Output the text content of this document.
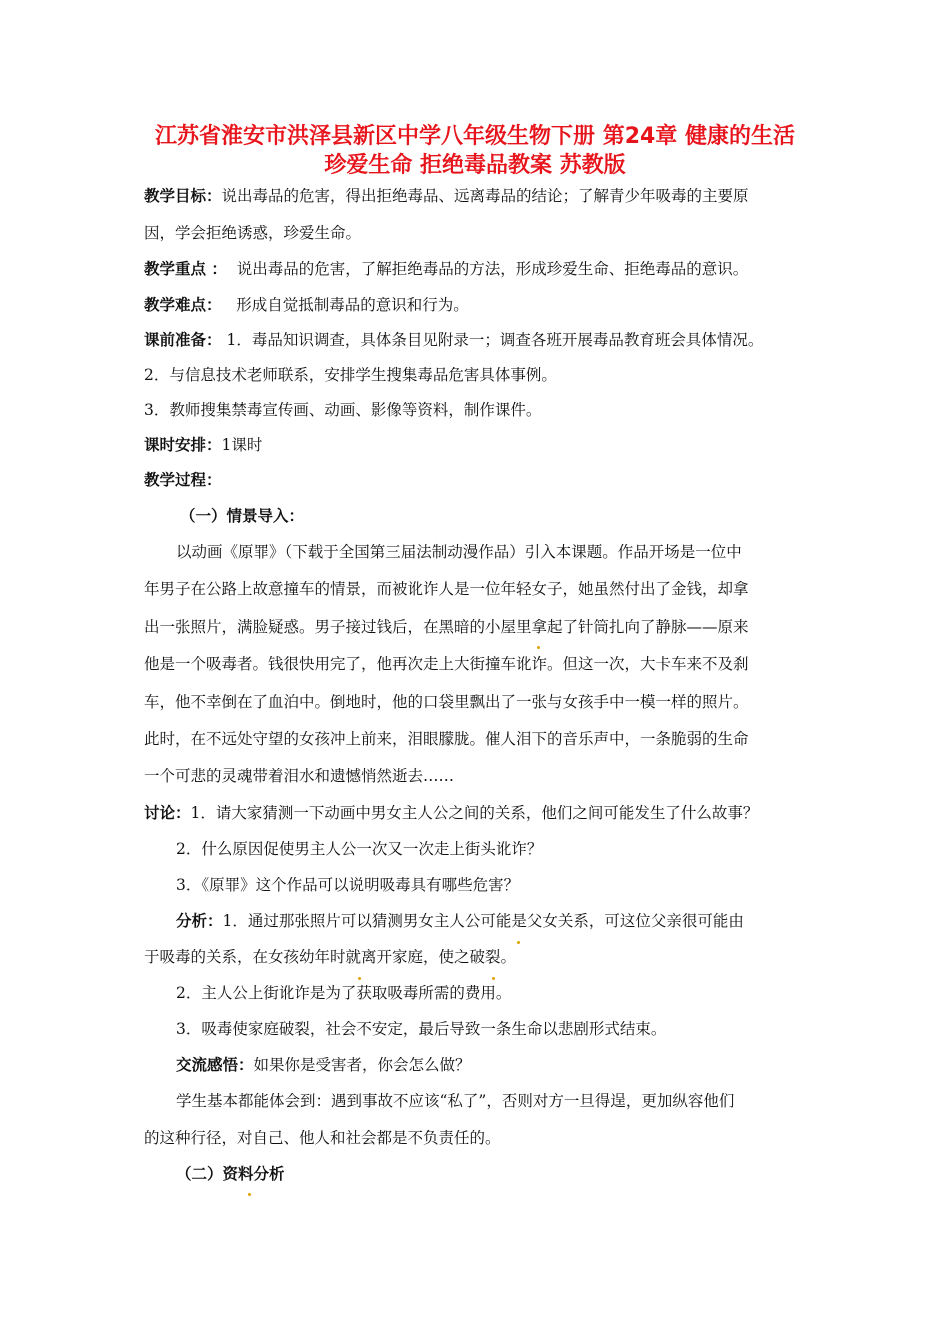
江苏省淮安市洪泽县新区中学八年级生物下册 第24章 健康的生活
珍爱生命 拒绝毒品教案 苏教版
教学目标：说出毒品的危害，得出拒绝毒品、远离毒品的结论；了解青少年吸毒的主要原
因，学会拒绝诱惑，珍爱生命。
教学重点 ： 说出毒品的危害，了解拒绝毒品的方法，形成珍爱生命、拒绝毒品的意识。
教学难点： 形成自觉抵制毒品的意识和行为。
课前准备： 1．毒品知识调查，具体条目见附录一；调查各班开展毒品教育班会具体情况。
2．与信息技术老师联系，安排学生搜集毒品危害具体事例。
3．教师搜集禁毒宣传画、动画、影像等资料，制作课件。
课时安排：1课时
教学过程：
（一）情景导入：
以动画《原罪》（下载于全国第三届法制动漫作品）引入本课题。作品开场是一位中
年男子在公路上故意撞车的情景，而被讹诈人是一位年轻女子，她虽然付出了金钱，却拿
出一张照片，满脸疑惑。男子接过钱后，在黑暗的小屋里拿起了针筒扎向了静脉——原来
他是一个吸毒者。钱很快用完了，他再次走上大街撞车讹诈。但这一次，大卡车来不及刹
车，他不幸倒在了血泊中。倒地时，他的口袋里飘出了一张与女孩手中一模一样的照片。
此时，在不远处守望的女孩冲上前来，泪眼朦胧。催人泪下的音乐声中，一条脆弱的生命
一个可悲的灵魂带着泪水和遗憾悄然逝去……
讨论：1．请大家猜测一下动画中男女主人公之间的关系，他们之间可能发生了什么故事？
2．什么原因促使男主人公一次又一次走上街头讹诈？
3．《原罪》这个作品可以说明吸毒具有哪些危害？
分析：1．通过那张照片可以猜测男女主人公可能是父女关系，可这位父亲很可能由
于吸毒的关系，在女孩幼年时就离开家庭，使之破裂。
2．主人公上街讹诈是为了获取吸毒所需的费用。
3．吸毒使家庭破裂，社会不安定，最后导致一条生命以悲剧形式结束。
交流感悟：如果你是受害者，你会怎么做？
学生基本都能体会到：遇到事故不应该“私了”，否则对方一旦得逞，更加纵容他们
的这种行径，对自己、他人和社会都是不负责任的。
（二）资料分析
